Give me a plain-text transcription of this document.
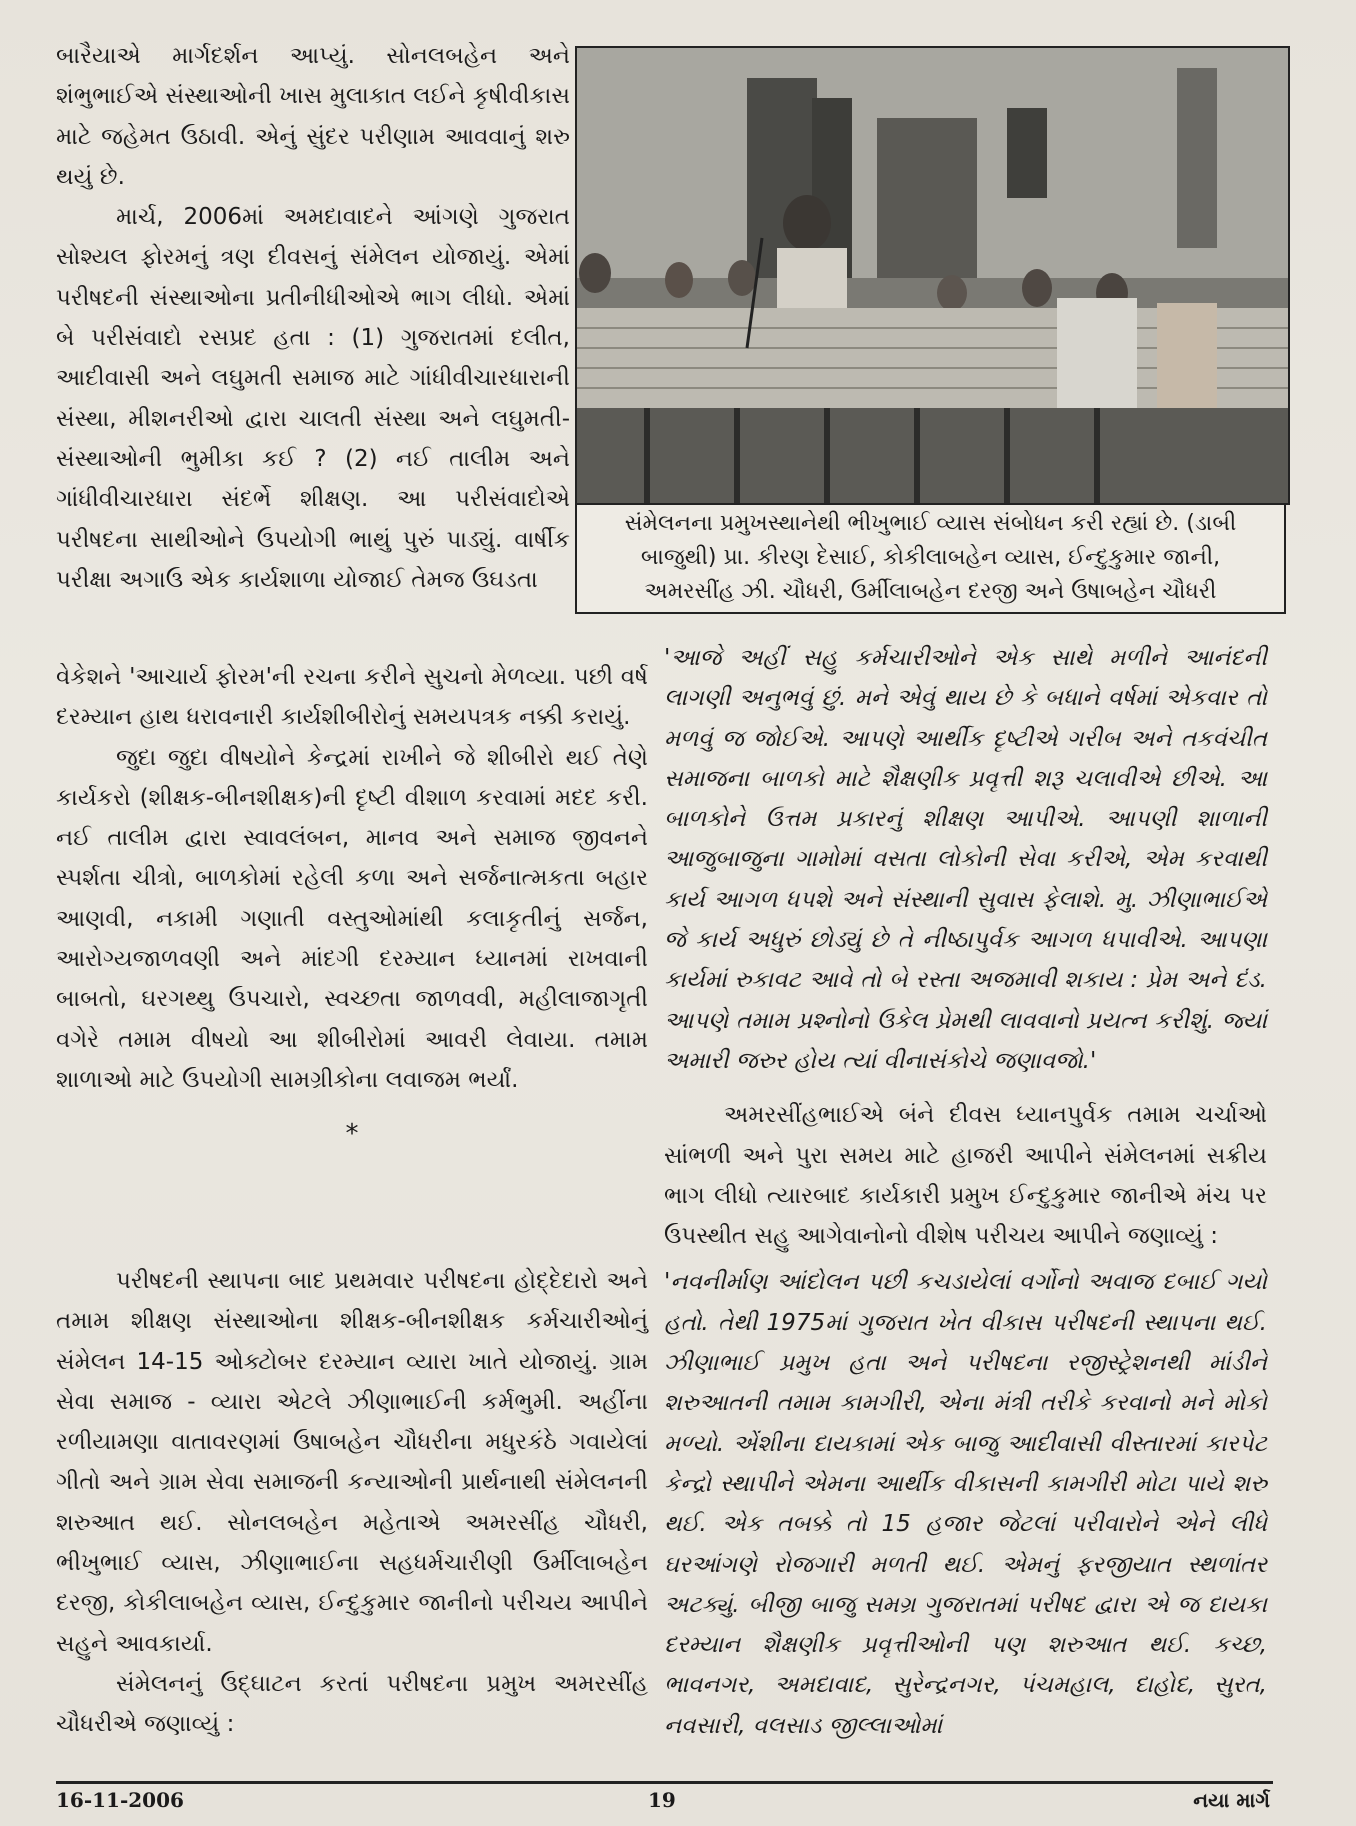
બારૈયાએ માર્ગદર્શન આપ્યું. સોનલબહેન અને શંભુભાઈએ સંસ્થાઓની ખાસ મુલાકાત લઈને કૃષીવીકાસ માટે જહેમત ઉઠાવી. એનું સુંદર પરીણામ આવવાનું શરુ થયું છે.

માર્ચ, 2006માં અમદાવાદને આંગણે ગુજરાત સોશ્યલ ફોરમનું ત્રણ દીવસનું સંમેલન યોજાયું. એમાં પરીષદની સંસ્થાઓના પ્રતીનીધીઓએ ભાગ લીધો. એમાં બે પરીસંવાદો રસપ્રદ હતા : (1) ગુજરાતમાં દલીત, આદીવાસી અને લઘુમતી સમાજ માટે ગાંધીવીચારધારાની સંસ્થા, મીશનરીઓ દ્વારા ચાલતી સંસ્થા અને લઘુમતી-સંસ્થાઓની ભુમીકા કઈ ? (2) નઈ તાલીમ અને ગાંધીવીચારધારા સંદર્ભે શીક્ષણ. આ પરીસંવાદોએ પરીષદના સાથીઓને ઉપયોગી ભાથું પુરું પાડ્યું. વાર્ષીક પરીક્ષા અગાઉ એક કાર્યશાળા યોજાઈ તેમજ ઉઘડતા

સંમેલનના પ્રમુખસ્થાનેથી ભીખુભાઈ વ્યાસ સંબોધન કરી રહ્યાં છે. (ડાબી
બાજુથી) પ્રા. કીરણ દેસાઈ, કોકીલાબહેન વ્યાસ, ઈન્દુકુમાર જાની,
અમરસીંહ ઝી. ચૌધરી, ઉર્મીલાબહેન દરજી અને ઉષાબહેન ચૌધરી

વેકેશને 'આચાર્ય ફોરમ'ની રચના કરીને સુચનો મેળવ્યા. પછી વર્ષ દરમ્યાન હાથ ધરાવનારી કાર્યશીબીરોનું સમયપત્રક નક્કી કરાયું.

જુદા જુદા વીષયોને કેન્દ્રમાં રાખીને જે શીબીરો થઈ તેણે કાર્યકરો (શીક્ષક-બીનશીક્ષક)ની દૃષ્ટી વીશાળ કરવામાં મદદ કરી. નઈ તાલીમ દ્વારા સ્વાવલંબન, માનવ અને સમાજ જીવનને સ્પર્શતા ચીત્રો, બાળકોમાં રહેલી કળા અને સર્જનાત્મકતા બહાર આણવી, નકામી ગણાતી વસ્તુઓમાંથી કલાકૃતીનું સર્જન, આરોગ્યજાળવણી અને માંદગી દરમ્યાન ધ્યાનમાં રાખવાની બાબતો, ઘરગથ્થુ ઉપચારો, સ્વચ્છતા જાળવવી, મહીલાજાગૃતી વગેરે તમામ વીષયો આ શીબીરોમાં આવરી લેવાયા. તમામ શાળાઓ માટે ઉપયોગી સામગ્રીકોના લવાજમ ભર્યાં.

*

પરીષદની સ્થાપના બાદ પ્રથમવાર પરીષદના હોદ્દેદારો અને તમામ શીક્ષણ સંસ્થાઓના શીક્ષક-બીનશીક્ષક કર્મચારીઓનું સંમેલન 14-15 ઓક્ટોબર દરમ્યાન વ્યારા ખાતે યોજાયું. ગ્રામ સેવા સમાજ - વ્યારા એટલે ઝીણાભાઈની કર્મભુમી. અહીંના રળીયામણા વાતાવરણમાં ઉષાબહેન ચૌધરીના મધુરકંઠે ગવાયેલાં ગીતો અને ગ્રામ સેવા સમાજની કન્યાઓની પ્રાર્થનાથી સંમેલનની શરુઆત થઈ. સોનલબહેન મહેતાએ અમરસીંહ ચૌધરી, ભીખુભાઈ વ્યાસ, ઝીણાભાઈના સહધર્મચારીણી ઉર્મીલાબહેન દરજી, કોકીલાબહેન વ્યાસ, ઈન્દુકુમાર જાનીનો પરીચય આપીને સહુને આવકાર્યા.

સંમેલનનું ઉદ્ઘાટન કરતાં પરીષદના પ્રમુખ અમરસીંહ ચૌધરીએ જણાવ્યું :

'આજે અહીં સહુ કર્મચારીઓને એક સાથે મળીને આનંદની લાગણી અનુભવું છું. મને એવું થાય છે કે બધાને વર્ષમાં એકવાર તો મળવું જ જોઈએ. આપણે આર્થીક દૃષ્ટીએ ગરીબ અને તકવંચીત સમાજના બાળકો માટે શૈક્ષણીક પ્રવૃત્તી શરૂ ચલાવીએ છીએ. આ બાળકોને ઉત્તમ પ્રકારનું શીક્ષણ આપીએ. આપણી શાળાની આજુબાજુના ગામોમાં વસતા લોકોની સેવા કરીએ, એમ કરવાથી કાર્ય આગળ ધપશે અને સંસ્થાની સુવાસ ફેલાશે. મુ. ઝીણાભાઈએ જે કાર્ય અધુરું છોડ્યું છે તે નીષ્ઠાપુર્વક આગળ ધપાવીએ. આપણા કાર્યમાં રુકાવટ આવે તો બે રસ્તા અજમાવી શકાય : પ્રેમ અને દંડ. આપણે તમામ પ્રશ્નોનો ઉકેલ પ્રેમથી લાવવાનો પ્રયત્ન કરીશું. જ્યાં અમારી જરુર હોય ત્યાં વીનાસંકોચે જણાવજો.'

અમરસીંહભાઈએ બંને દીવસ ધ્યાનપુર્વક તમામ ચર્ચાઓ સાંભળી અને પુરા સમય માટે હાજરી આપીને સંમેલનમાં સક્રીય ભાગ લીધો ત્યારબાદ કાર્યકારી પ્રમુખ ઈન્દુકુમાર જાનીએ મંચ પર ઉપસ્થીત સહુ આગેવાનોનો વીશેષ પરીચય આપીને જણાવ્યું :

'નવનીર્માણ આંદોલન પછી કચડાયેલાં વર્ગોનો અવાજ દબાઈ ગયો હતો. તેથી 1975માં ગુજરાત ખેત વીકાસ પરીષદની સ્થાપના થઈ. ઝીણાભાઈ પ્રમુખ હતા અને પરીષદના રજીસ્ટ્રેશનથી માંડીને શરુઆતની તમામ કામગીરી, એના મંત્રી તરીકે કરવાનો મને મોકો મળ્યો. એંશીના દાયકામાં એક બાજુ આદીવાસી વીસ્તારમાં કારપેટ કેન્દ્રો સ્થાપીને એમના આર્થીક વીકાસની કામગીરી મોટા પાયે શરુ થઈ. એક તબક્કે તો 15 હજાર જેટલાં પરીવારોને એને લીધે ઘરઆંગણે રોજગારી મળતી થઈ. એમનું ફરજીયાત સ્થળાંતર અટક્યું. બીજી બાજુ સમગ્ર ગુજરાતમાં પરીષદ દ્વારા એ જ દાયકા દરમ્યાન શૈક્ષણીક પ્રવૃત્તીઓની પણ શરુઆત થઈ. કચ્છ, ભાવનગર, અમદાવાદ, સુરેન્દ્રનગર, પંચમહાલ, દાહોદ, સુરત, નવસારી, વલસાડ જીલ્લાઓમાં

16-11-2006	19	નયા માર્ગ
